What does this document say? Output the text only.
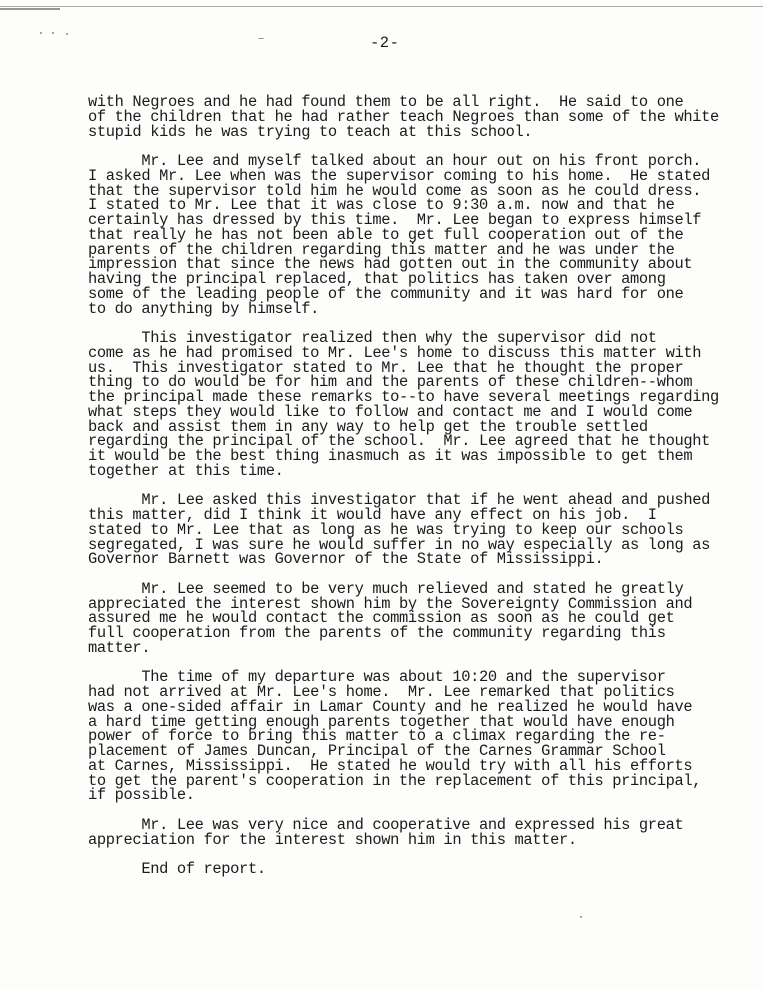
-2-
with Negroes and he had found them to be all right.  He said to one
of the children that he had rather teach Negroes than some of the white
stupid kids he was trying to teach at this school.
Mr. Lee and myself talked about an hour out on his front porch.
I asked Mr. Lee when was the supervisor coming to his home.  He stated
that the supervisor told him he would come as soon as he could dress.
I stated to Mr. Lee that it was close to 9:30 a.m. now and that he
certainly has dressed by this time.  Mr. Lee began to express himself
that really he has not been able to get full cooperation out of the
parents of the children regarding this matter and he was under the
impression that since the news had gotten out in the community about
having the principal replaced, that politics has taken over among
some of the leading people of the community and it was hard for one
to do anything by himself.
This investigator realized then why the supervisor did not
come as he had promised to Mr. Lee's home to discuss this matter with
us.  This investigator stated to Mr. Lee that he thought the proper
thing to do would be for him and the parents of these children--whom
the principal made these remarks to--to have several meetings regarding
what steps they would like to follow and contact me and I would come
back and assist them in any way to help get the trouble settled
regarding the principal of the school.  Mr. Lee agreed that he thought
it would be the best thing inasmuch as it was impossible to get them
together at this time.
Mr. Lee asked this investigator that if he went ahead and pushed
this matter, did I think it would have any effect on his job.  I
stated to Mr. Lee that as long as he was trying to keep our schools
segregated, I was sure he would suffer in no way especially as long as
Governor Barnett was Governor of the State of Mississippi.
Mr. Lee seemed to be very much relieved and stated he greatly
appreciated the interest shown him by the Sovereignty Commission and
assured me he would contact the commission as soon as he could get
full cooperation from the parents of the community regarding this
matter.
The time of my departure was about 10:20 and the supervisor
had not arrived at Mr. Lee's home.  Mr. Lee remarked that politics
was a one-sided affair in Lamar County and he realized he would have
a hard time getting enough parents together that would have enough
power of force to bring this matter to a climax regarding the re-
placement of James Duncan, Principal of the Carnes Grammar School
at Carnes, Mississippi.  He stated he would try with all his efforts
to get the parent's cooperation in the replacement of this principal,
if possible.
Mr. Lee was very nice and cooperative and expressed his great
appreciation for the interest shown him in this matter.
End of report.
